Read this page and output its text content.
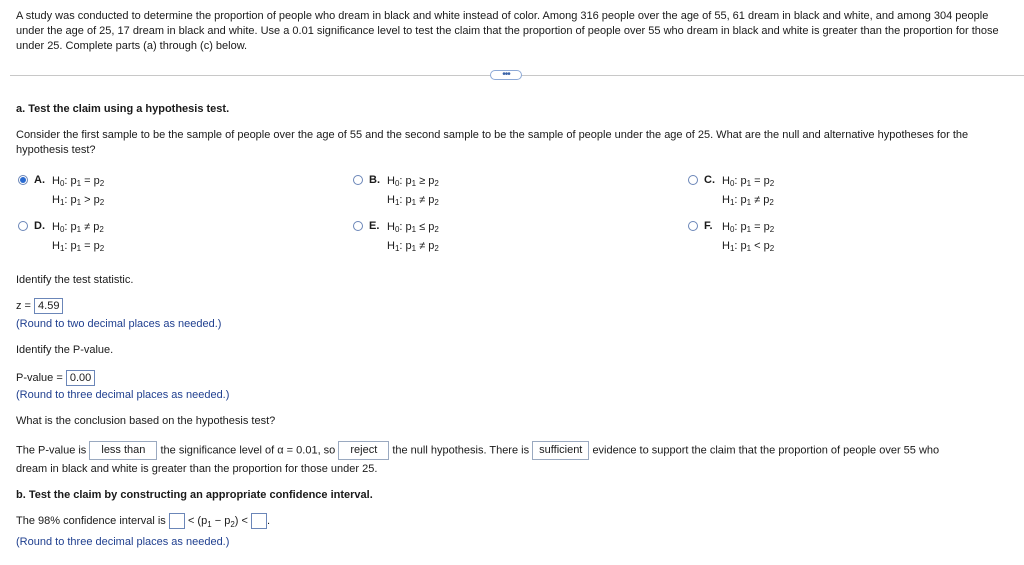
A study was conducted to determine the proportion of people who dream in black and white instead of color. Among 316 people over the age of 55, 61 dream in black and white, and among 304 people under the age of 25, 17 dream in black and white. Use a 0.01 significance level to test the claim that the proportion of people over 55 who dream in black and white is greater than the proportion for those under 25. Complete parts (a) through (c) below.
•••
a. Test the claim using a hypothesis test.
Consider the first sample to be the sample of people over the age of 55 and the second sample to be the sample of people under the age of 25. What are the null and alternative hypotheses for the hypothesis test?
A. $H_0$: $p_1 = p_2$
$H_1$: $p_1 > p_2$
B. $H_0$: $p_1 \ge p_2$
$H_1$: $p_1 \ne p_2$
C. $H_0$: $p_1 = p_2$
$H_1$: $p_1 \ne p_2$
D. $H_0$: $p_1 \ne p_2$
$H_1$: $p_1 = p_2$
E. $H_0$: $p_1 \le p_2$
$H_1$: $p_1 \ne p_2$
F. $H_0$: $p_1 = p_2$
$H_1$: $p_1 < p_2$
Identify the test statistic.
z = 4.59
(Round to two decimal places as needed.)
Identify the P-value.
P-value = 0.00
(Round to three decimal places as needed.)
What is the conclusion based on the hypothesis test?
The P-value is less than the significance level of α = 0.01, so reject the null hypothesis. There is sufficient evidence to support the claim that the proportion of people over 55 who
dream in black and white is greater than the proportion for those under 25.
b. Test the claim by constructing an appropriate confidence interval.
The 98% confidence interval is < $(p_1 - p_2)$ < .
(Round to three decimal places as needed.)
